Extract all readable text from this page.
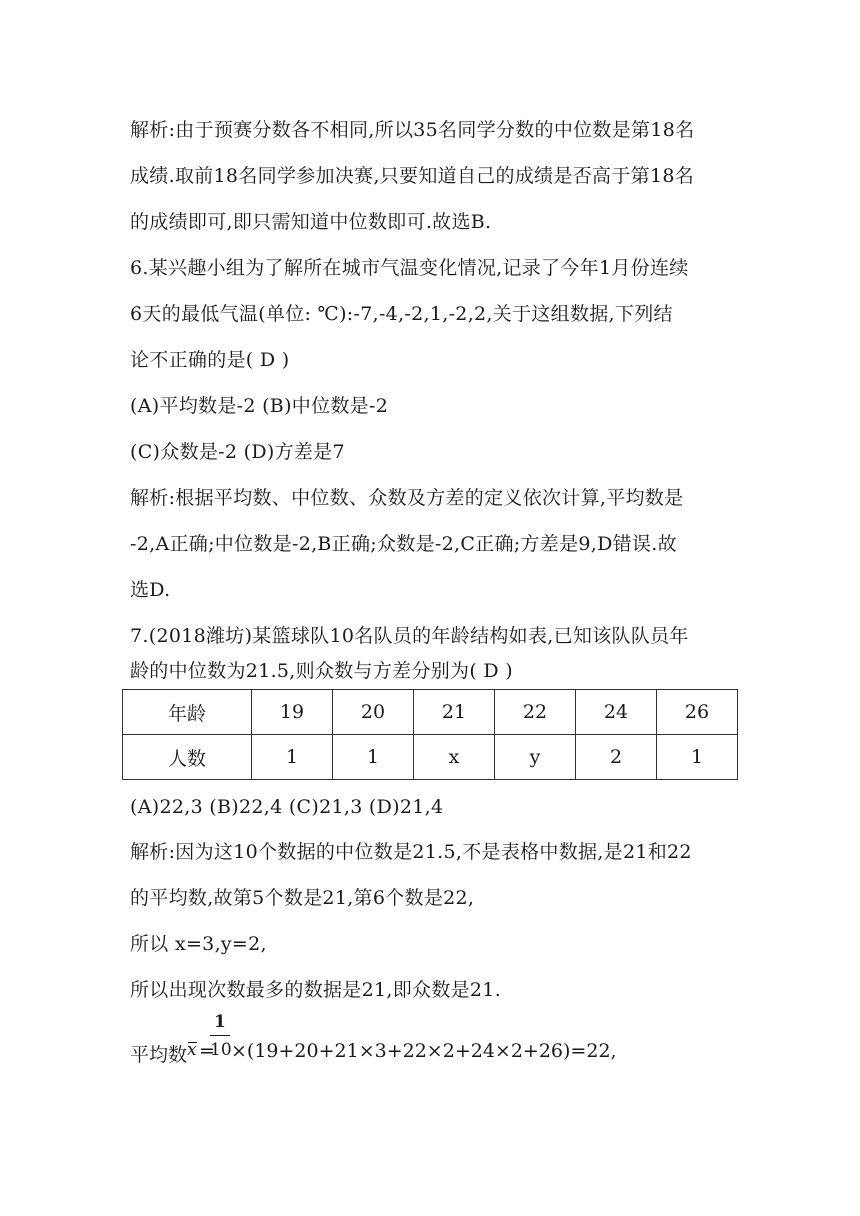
解析:由于预赛分数各不相同,所以35名同学分数的中位数是第18名
成绩.取前18名同学参加决赛,只要知道自己的成绩是否高于第18名
的成绩即可,即只需知道中位数即可.故选B.
6.某兴趣小组为了解所在城市气温变化情况,记录了今年1月份连续
6天的最低气温(单位: ℃):-7,-4,-2,1,-2,2,关于这组数据,下列结
论不正确的是( D )
(A)平均数是-2 (B)中位数是-2
(C)众数是-2 (D)方差是7
解析:根据平均数、中位数、众数及方差的定义依次计算,平均数是
-2,A正确;中位数是-2,B正确;众数是-2,C正确;方差是9,D错误.故
选D.
7.(2018潍坊)某篮球队10名队员的年龄结构如表,已知该队队员年
龄的中位数为21.5,则众数与方差分别为( D )
年龄	19	20	21	22	24	26
人数	1	1	x	y	2	1
(A)22,3 (B)22,4 (C)21,3 (D)21,4
解析:因为这10个数据的中位数是21.5,不是表格中数据,是21和22
的平均数,故第5个数是21,第6个数是22,
所以 x=3,y=2,
所以出现次数最多的数据是21,即众数是21.
平均数 x =
1
10 ×(19+20+21×3+22×2+24×2+26)=22,
